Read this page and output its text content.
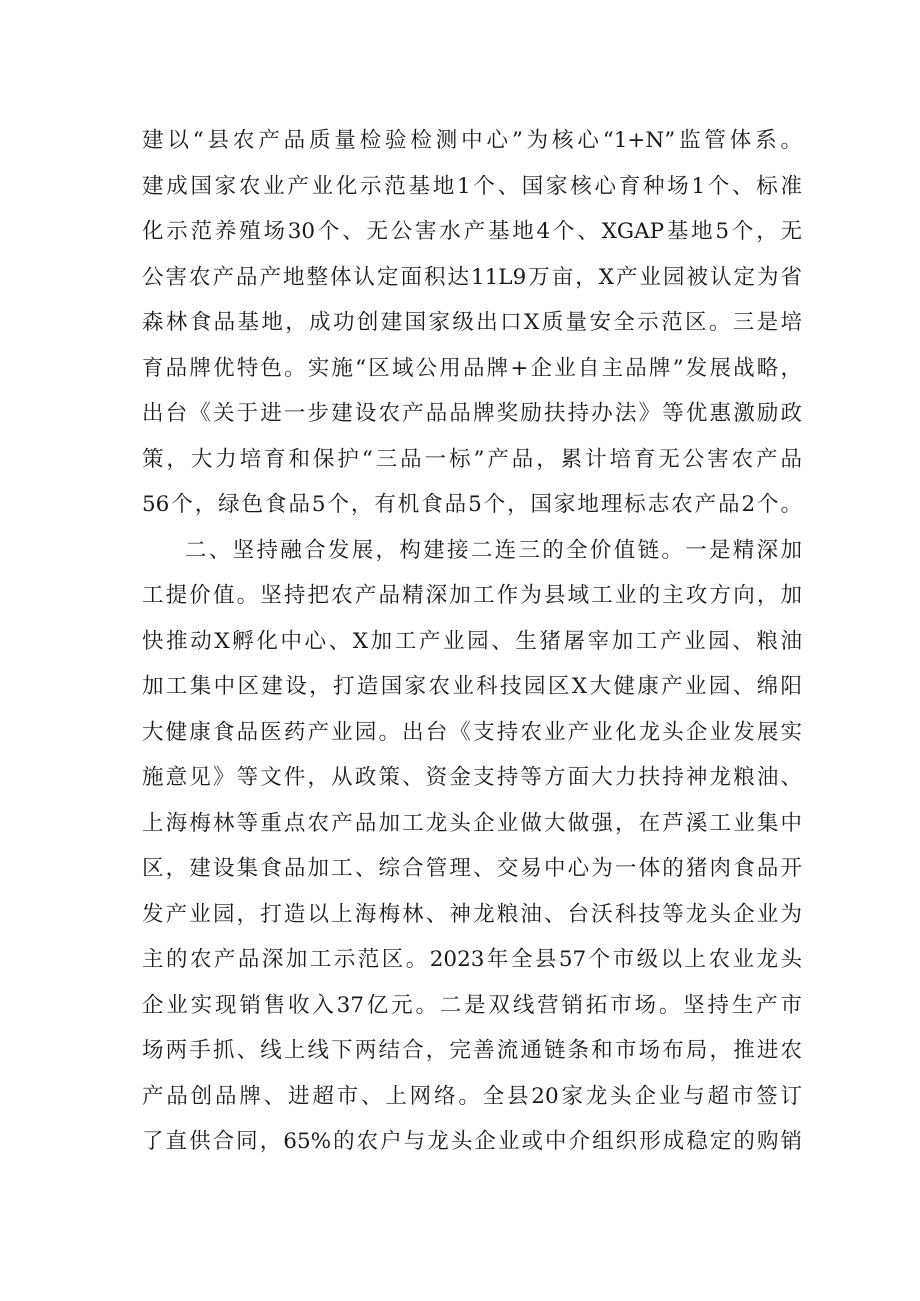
建以“县农产品质量检验检测中心”为核心“1+N”监管体系。
建成国家农业产业化示范基地1个、国家核心育种场1个、标准
化示范养殖场30个、无公害水产基地4个、XGAP基地5个，无
公害农产品产地整体认定面积达11L9万亩，X产业园被认定为省
森林食品基地，成功创建国家级出口X质量安全示范区。三是培
育品牌优特色。实施“区域公用品牌+企业自主品牌”发展战略，
出台《关于进一步建设农产品品牌奖励扶持办法》等优惠激励政
策，大力培育和保护“三品一标”产品，累计培育无公害农产品
56个，绿色食品5个，有机食品5个，国家地理标志农产品2个。
二、坚持融合发展，构建接二连三的全价值链。一是精深加
工提价值。坚持把农产品精深加工作为县域工业的主攻方向，加
快推动X孵化中心、X加工产业园、生猪屠宰加工产业园、粮油
加工集中区建设，打造国家农业科技园区X大健康产业园、绵阳
大健康食品医药产业园。出台《支持农业产业化龙头企业发展实
施意见》等文件，从政策、资金支持等方面大力扶持神龙粮油、
上海梅林等重点农产品加工龙头企业做大做强，在芦溪工业集中
区，建设集食品加工、综合管理、交易中心为一体的猪肉食品开
发产业园，打造以上海梅林、神龙粮油、台沃科技等龙头企业为
主的农产品深加工示范区。2023年全县57个市级以上农业龙头
企业实现销售收入37亿元。二是双线营销拓市场。坚持生产市
场两手抓、线上线下两结合，完善流通链条和市场布局，推进农
产品创品牌、进超市、上网络。全县20家龙头企业与超市签订
了直供合同，65%的农户与龙头企业或中介组织形成稳定的购销
